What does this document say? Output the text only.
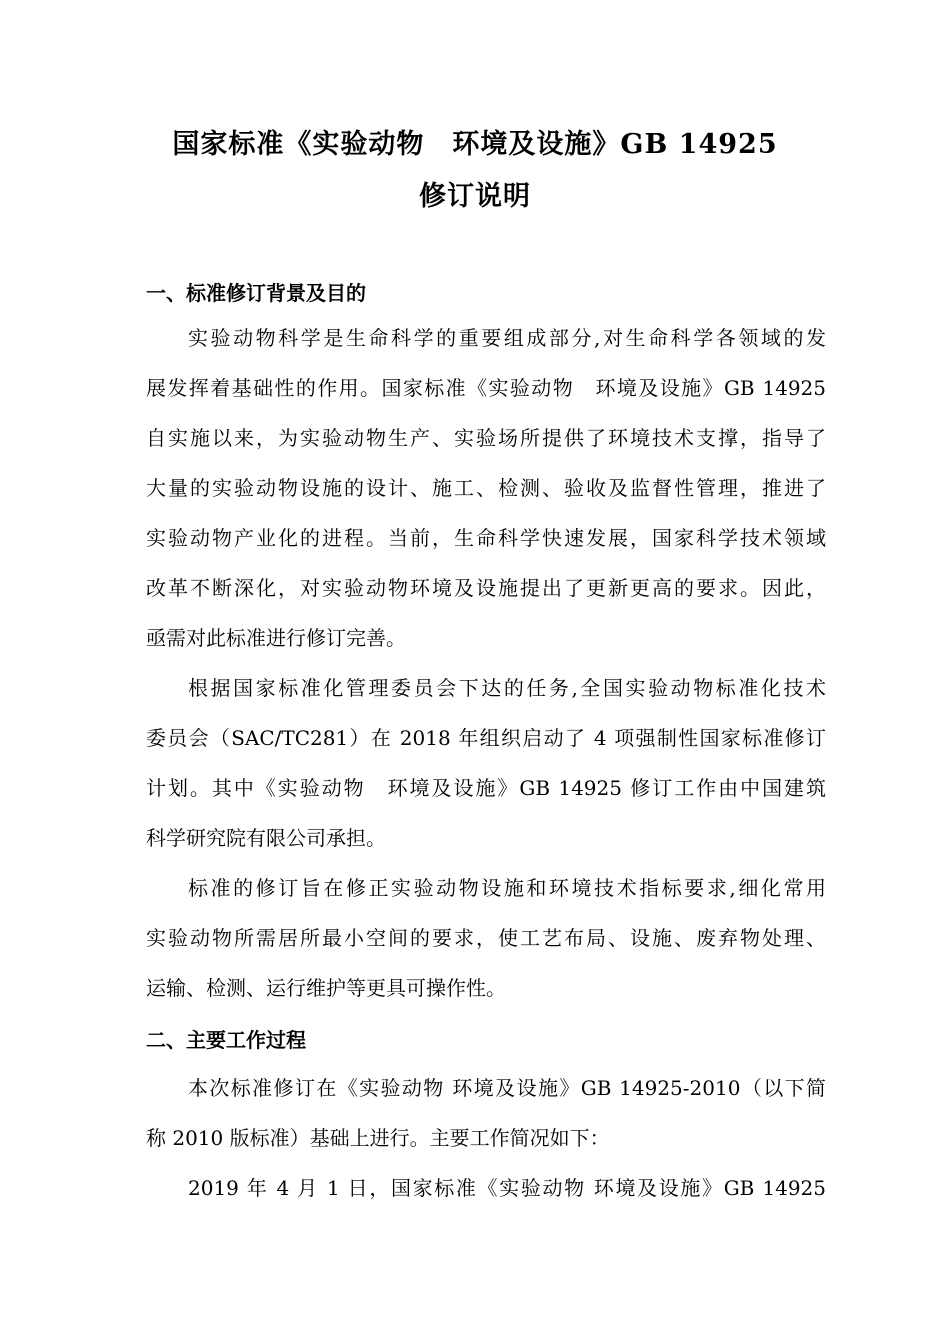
国家标准《实验动物　环境及设施》GB 14925
修订说明
一、标准修订背景及目的
实验动物科学是生命科学的重要组成部分,对生命科学各领域的发
展发挥着基础性的作用。国家标准《实验动物　环境及设施》GB 14925
自实施以来，为实验动物生产、实验场所提供了环境技术支撑，指导了
大量的实验动物设施的设计、施工、检测、验收及监督性管理，推进了
实验动物产业化的进程。当前，生命科学快速发展，国家科学技术领域
改革不断深化，对实验动物环境及设施提出了更新更高的要求。因此，
亟需对此标准进行修订完善。
根据国家标准化管理委员会下达的任务,全国实验动物标准化技术
委员会（SAC/TC281）在 2018 年组织启动了 4 项强制性国家标准修订
计划。其中《实验动物　环境及设施》GB 14925 修订工作由中国建筑
科学研究院有限公司承担。
标准的修订旨在修正实验动物设施和环境技术指标要求,细化常用
实验动物所需居所最小空间的要求，使工艺布局、设施、废弃物处理、
运输、检测、运行维护等更具可操作性。
二、主要工作过程
本次标准修订在《实验动物 环境及设施》GB 14925-2010（以下简
称 2010 版标准）基础上进行。主要工作简况如下：
2019 年 4 月 1 日，国家标准《实验动物 环境及设施》GB 14925
